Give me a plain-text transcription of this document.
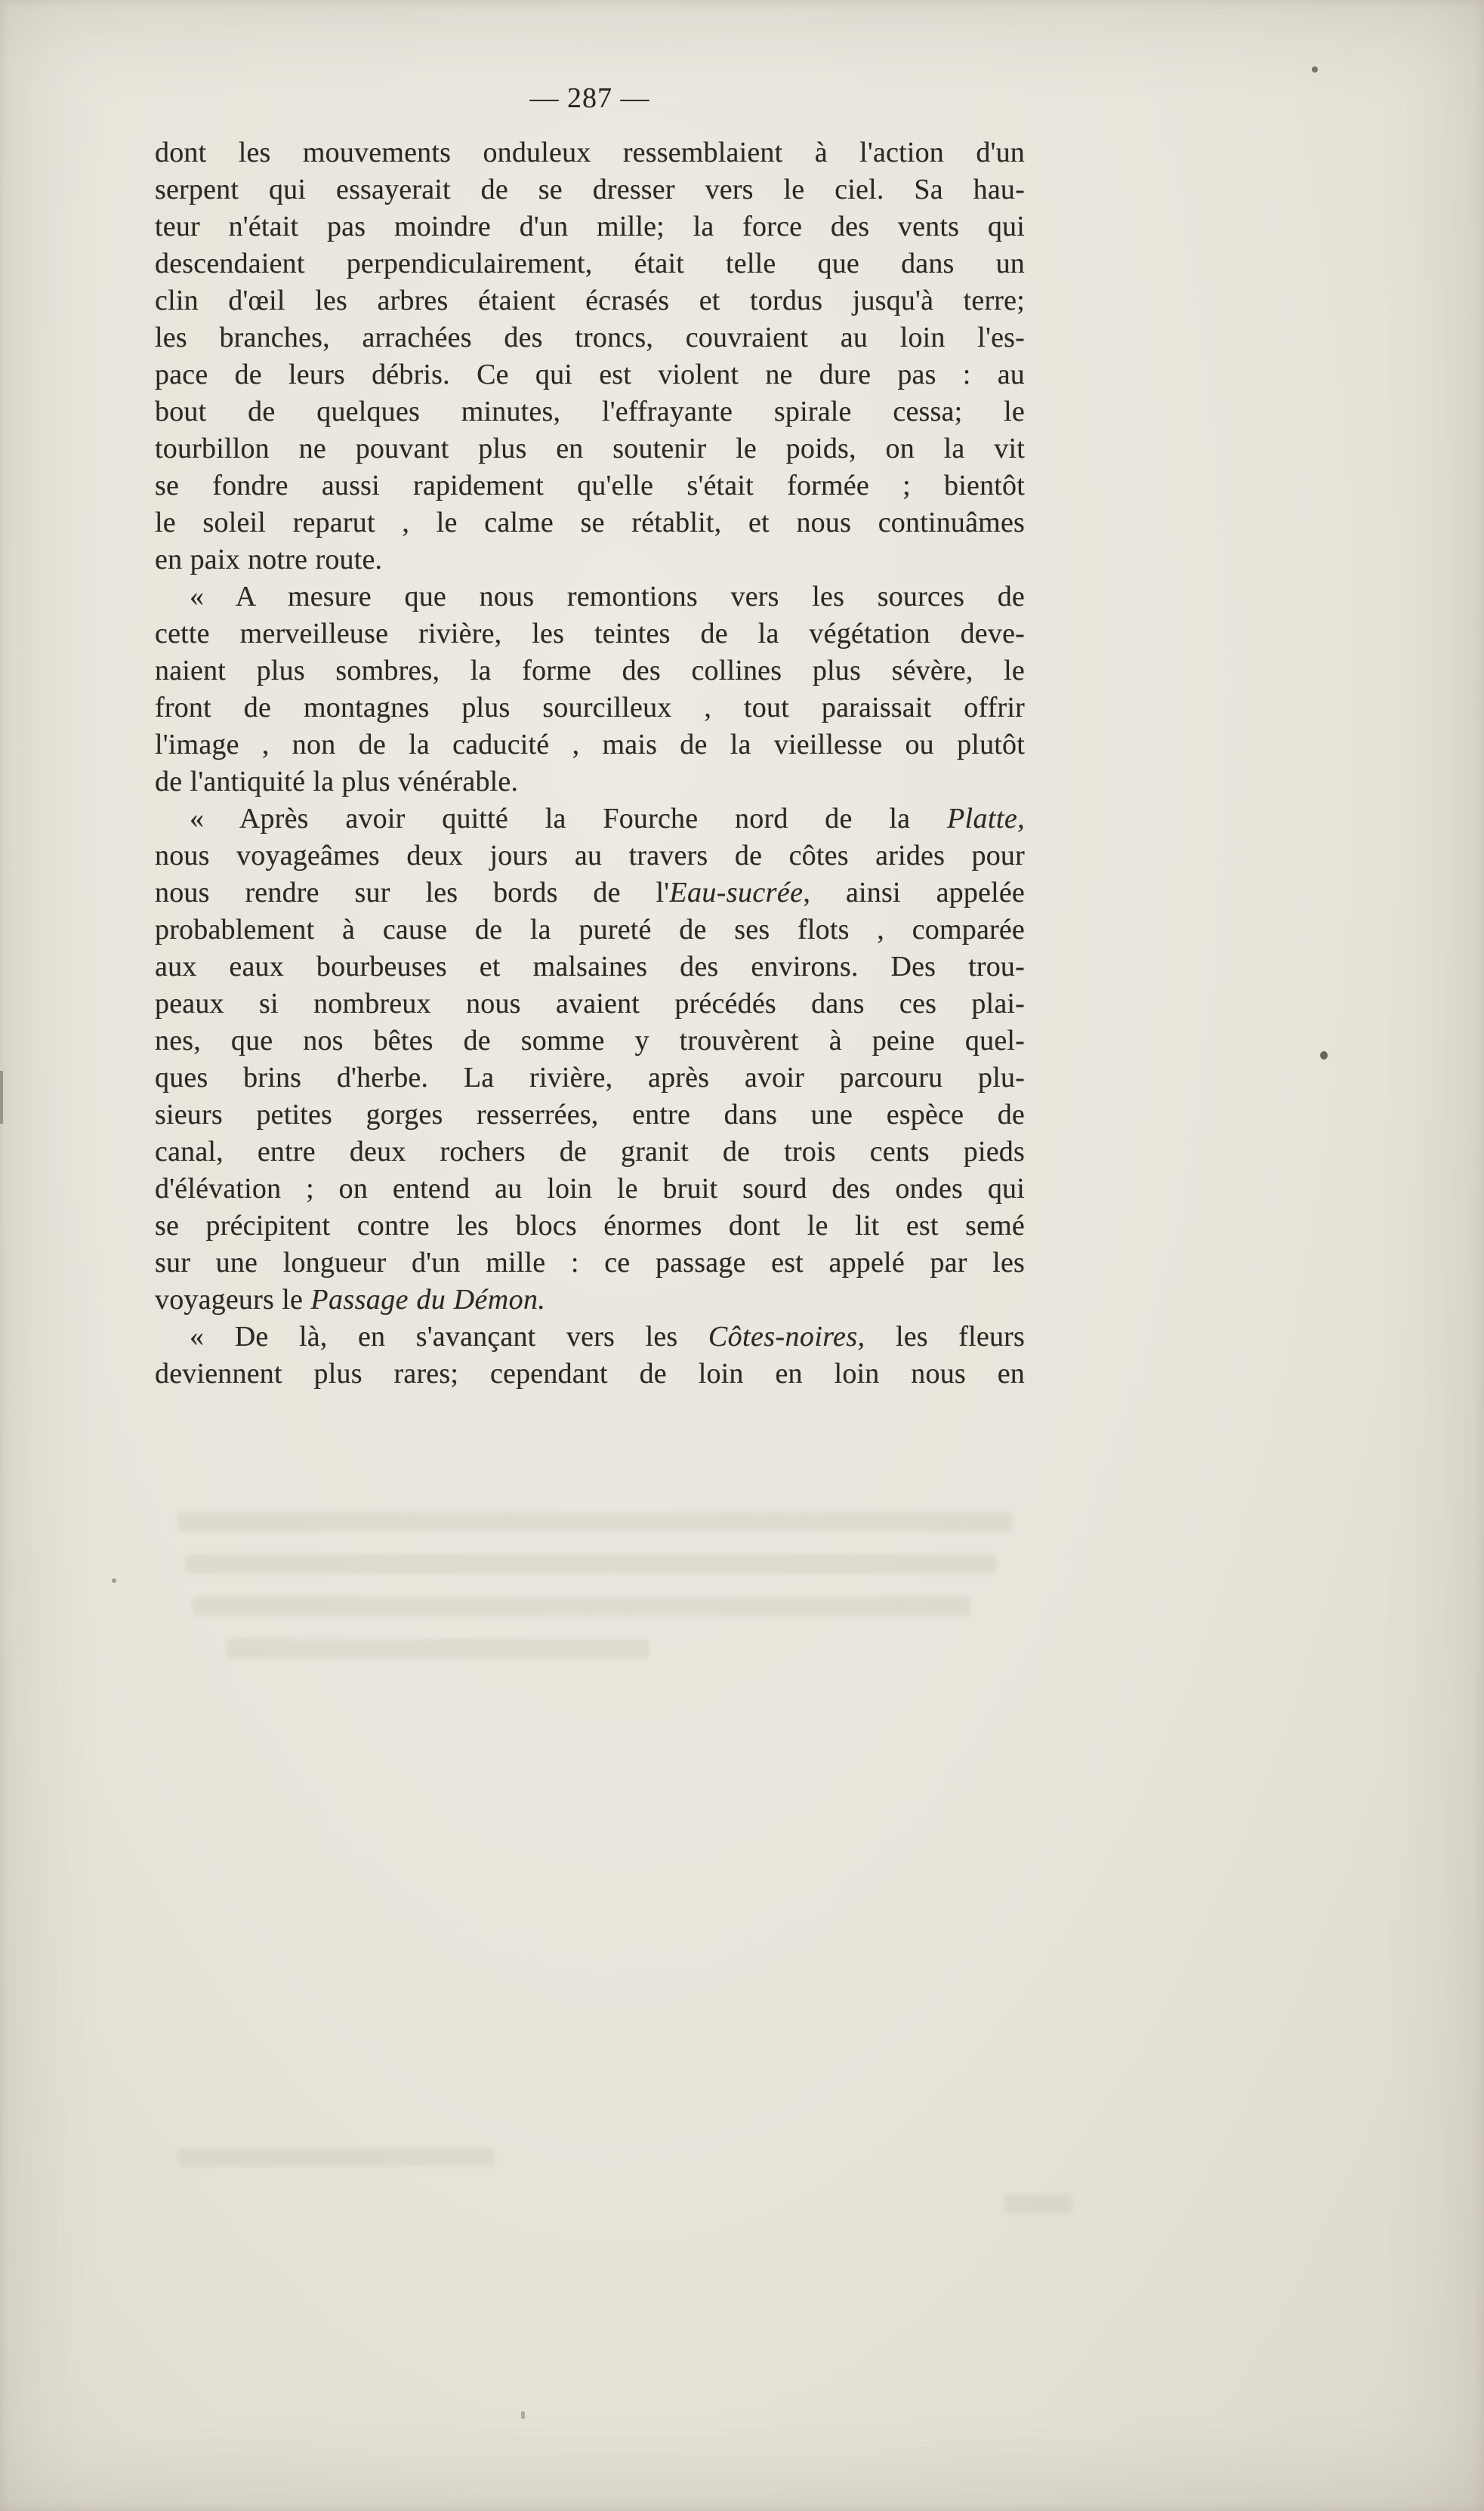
— 287 —
dont les mouvements onduleux ressemblaient à l'action d'un
serpent qui essayerait de se dresser vers le ciel. Sa hau-
teur n'était pas moindre d'un mille; la force des vents qui
descendaient perpendiculairement, était telle que dans un
clin d'œil les arbres étaient écrasés et tordus jusqu'à terre;
les branches, arrachées des troncs, couvraient au loin l'es-
pace de leurs débris. Ce qui est violent ne dure pas : au
bout de quelques minutes, l'effrayante spirale cessa; le
tourbillon ne pouvant plus en soutenir le poids, on la vit
se fondre aussi rapidement qu'elle s'était formée ; bientôt
le soleil reparut , le calme se rétablit, et nous continuâmes
en paix notre route.
« A mesure que nous remontions vers les sources de
cette merveilleuse rivière, les teintes de la végétation deve-
naient plus sombres, la forme des collines plus sévère, le
front de montagnes plus sourcilleux , tout paraissait offrir
l'image , non de la caducité , mais de la vieillesse ou plutôt
de l'antiquité la plus vénérable.
« Après avoir quitté la Fourche nord de la Platte,
nous voyageâmes deux jours au travers de côtes arides pour
nous rendre sur les bords de l'Eau-sucrée, ainsi appelée
probablement à cause de la pureté de ses flots , comparée
aux eaux bourbeuses et malsaines des environs. Des trou-
peaux si nombreux nous avaient précédés dans ces plai-
nes, que nos bêtes de somme y trouvèrent à peine quel-
ques brins d'herbe. La rivière, après avoir parcouru plu-
sieurs petites gorges resserrées, entre dans une espèce de
canal, entre deux rochers de granit de trois cents pieds
d'élévation ; on entend au loin le bruit sourd des ondes qui
se précipitent contre les blocs énormes dont le lit est semé
sur une longueur d'un mille : ce passage est appelé par les
voyageurs le Passage du Démon.
« De là, en s'avançant vers les Côtes-noires, les fleurs
deviennent plus rares; cependant de loin en loin nous en
